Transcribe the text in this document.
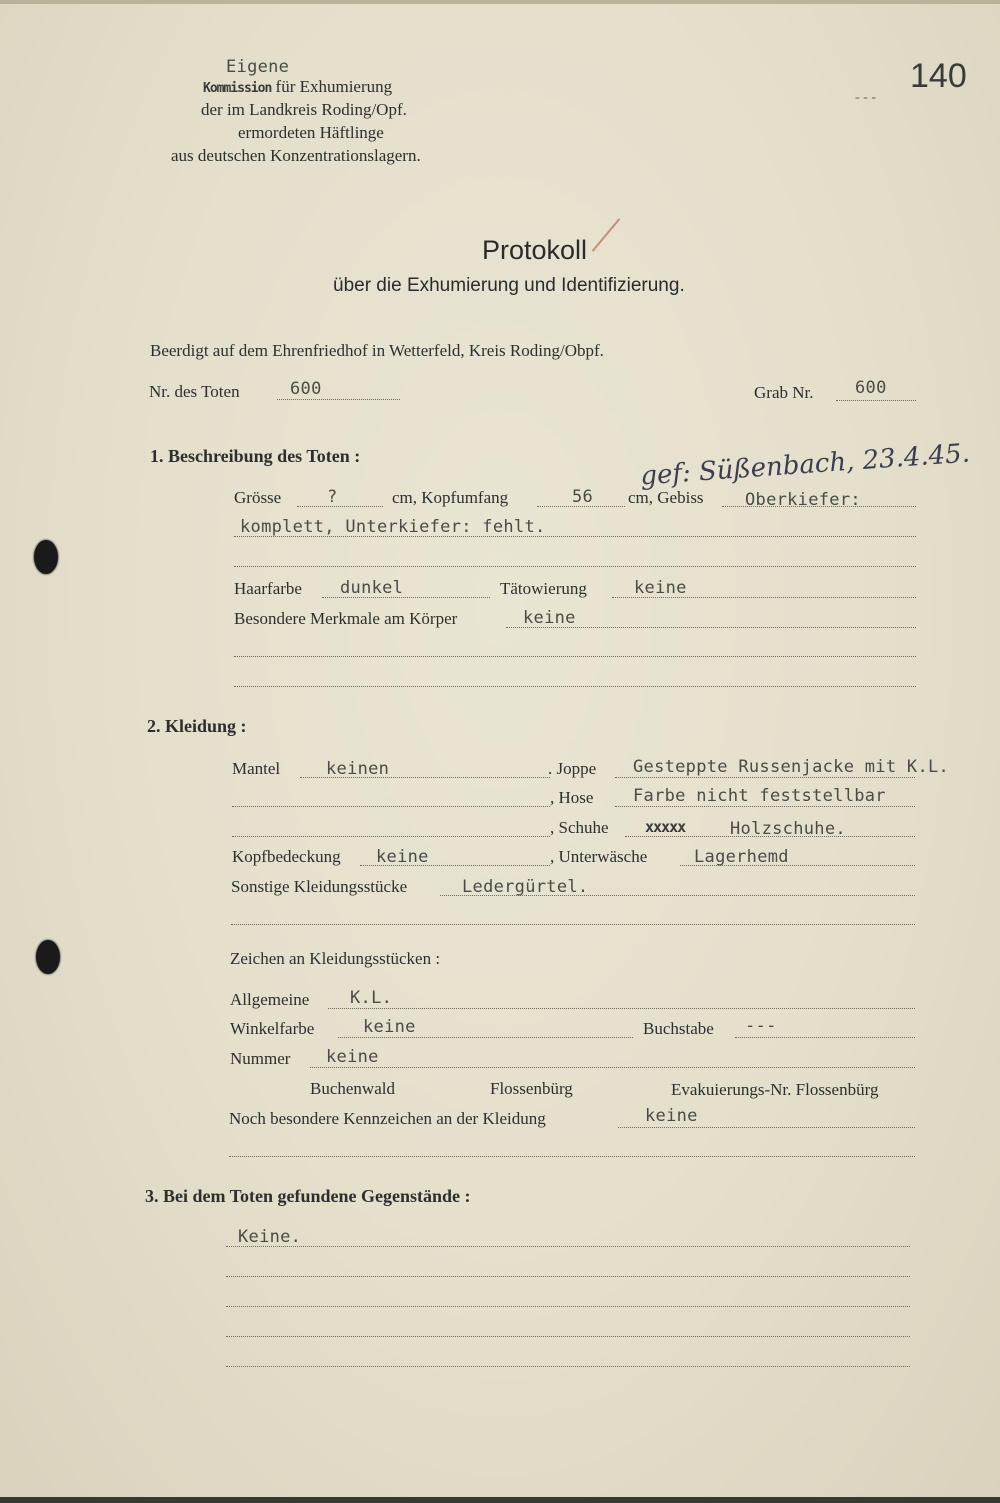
140
- - -
Eigene
Kommission für Exhumierung
der im Landkreis Roding/Opf.
ermordeten Häftlinge
aus deutschen Konzentrationslagern.
Protokoll
über die Exhumierung und Identifizierung.
Beerdigt auf dem Ehrenfriedhof in Wetterfeld, Kreis Roding/Obpf.
Nr. des Toten	600	Grab Nr. 600
1. Beschreibung des Toten :	gef: Süßenbach, 23.4.45.
Grösse	?	cm, Kopfumfang	56 cm, Gebiss Oberkiefer:
komplett, Unterkiefer: fehlt.
Haarfarbe dunkel	Tätowierung	keine
Besondere Merkmale am Körper	keine
2. Kleidung :
Mantel	keinen	. Joppe Gesteppte Russenjacke mit K.L.
, Hose Farbe nicht feststellbar
, Schuhe xxxxx	Holzschuhe.
Kopfbedeckung keine	, Unterwäsche	Lagerhemd
Sonstige Kleidungsstücke	Ledergürtel.
Zeichen an Kleidungsstücken :
Allgemeine K.L.
Winkelfarbe	keine	Buchstabe ---
Nummer keine
Buchenwald	Flossenbürg	Evakuierungs-Nr. Flossenbürg
Noch besondere Kennzeichen an der Kleidung	keine
3. Bei dem Toten gefundene Gegenstände :
Keine.
